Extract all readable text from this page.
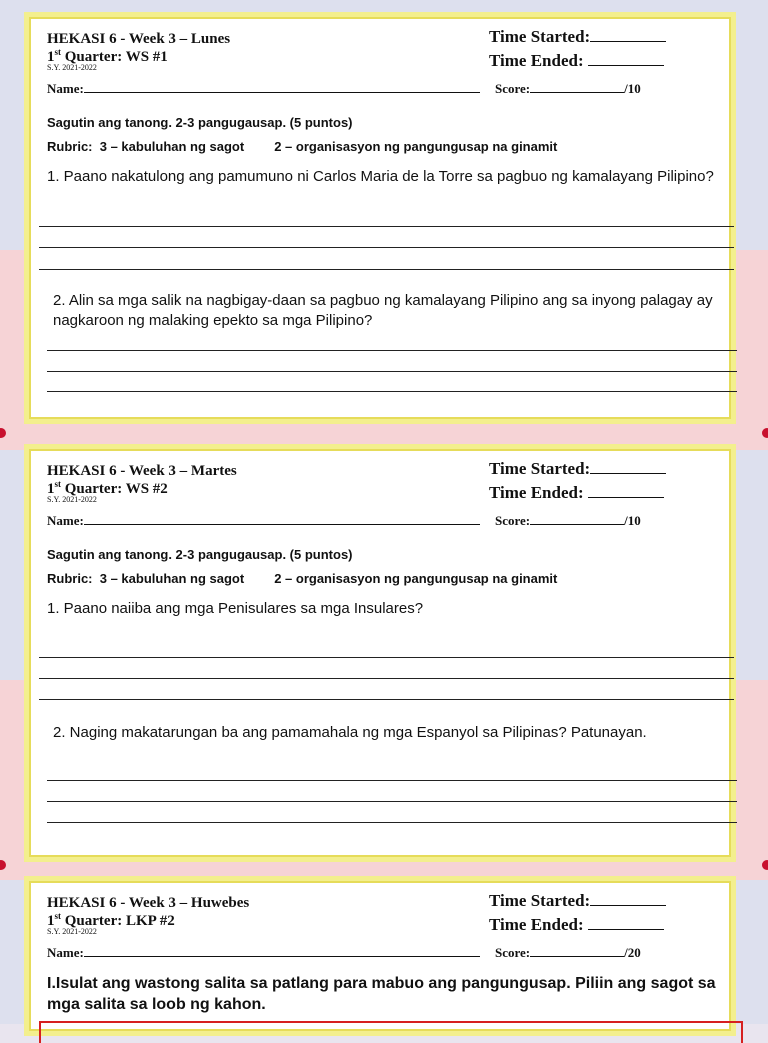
HEKASI 6 - Week 3 – Lunes
1st Quarter: WS #1
S.Y. 2021-2022
Time Started:
Time Ended:
Name:	Score:	/10
Sagutin ang tanong. 2-3 pangugausap. (5 puntos)
Rubric: 3 – kabuluhan ng sagot 2 – organisasyon ng pangungusap na ginamit
1. Paano nakatulong ang pamumuno ni Carlos Maria de la Torre sa pagbuo ng kamalayang Pilipino?
2. Alin sa mga salik na nagbigay-daan sa pagbuo ng kamalayang Pilipino ang sa inyong palagay ay nagkaroon ng malaking epekto sa mga Pilipino?
HEKASI 6 - Week 3 – Martes
1st Quarter: WS #2
S.Y. 2021-2022
Time Started:
Time Ended:
Name:	Score:	/10
Sagutin ang tanong. 2-3 pangugausap. (5 puntos)
Rubric: 3 – kabuluhan ng sagot 2 – organisasyon ng pangungusap na ginamit
1. Paano naiiba ang mga Penisulares sa mga Insulares?
2. Naging makatarungan ba ang pamamahala ng mga Espanyol sa Pilipinas? Patunayan.
HEKASI 6 - Week 3 – Huwebes
1st Quarter: LKP #2
S.Y. 2021-2022
Time Started:
Time Ended:
Name:	Score:	/20
I.Isulat ang wastong salita sa patlang para mabuo ang pangungusap. Piliin ang sagot sa mga salita sa loob ng kahon.
